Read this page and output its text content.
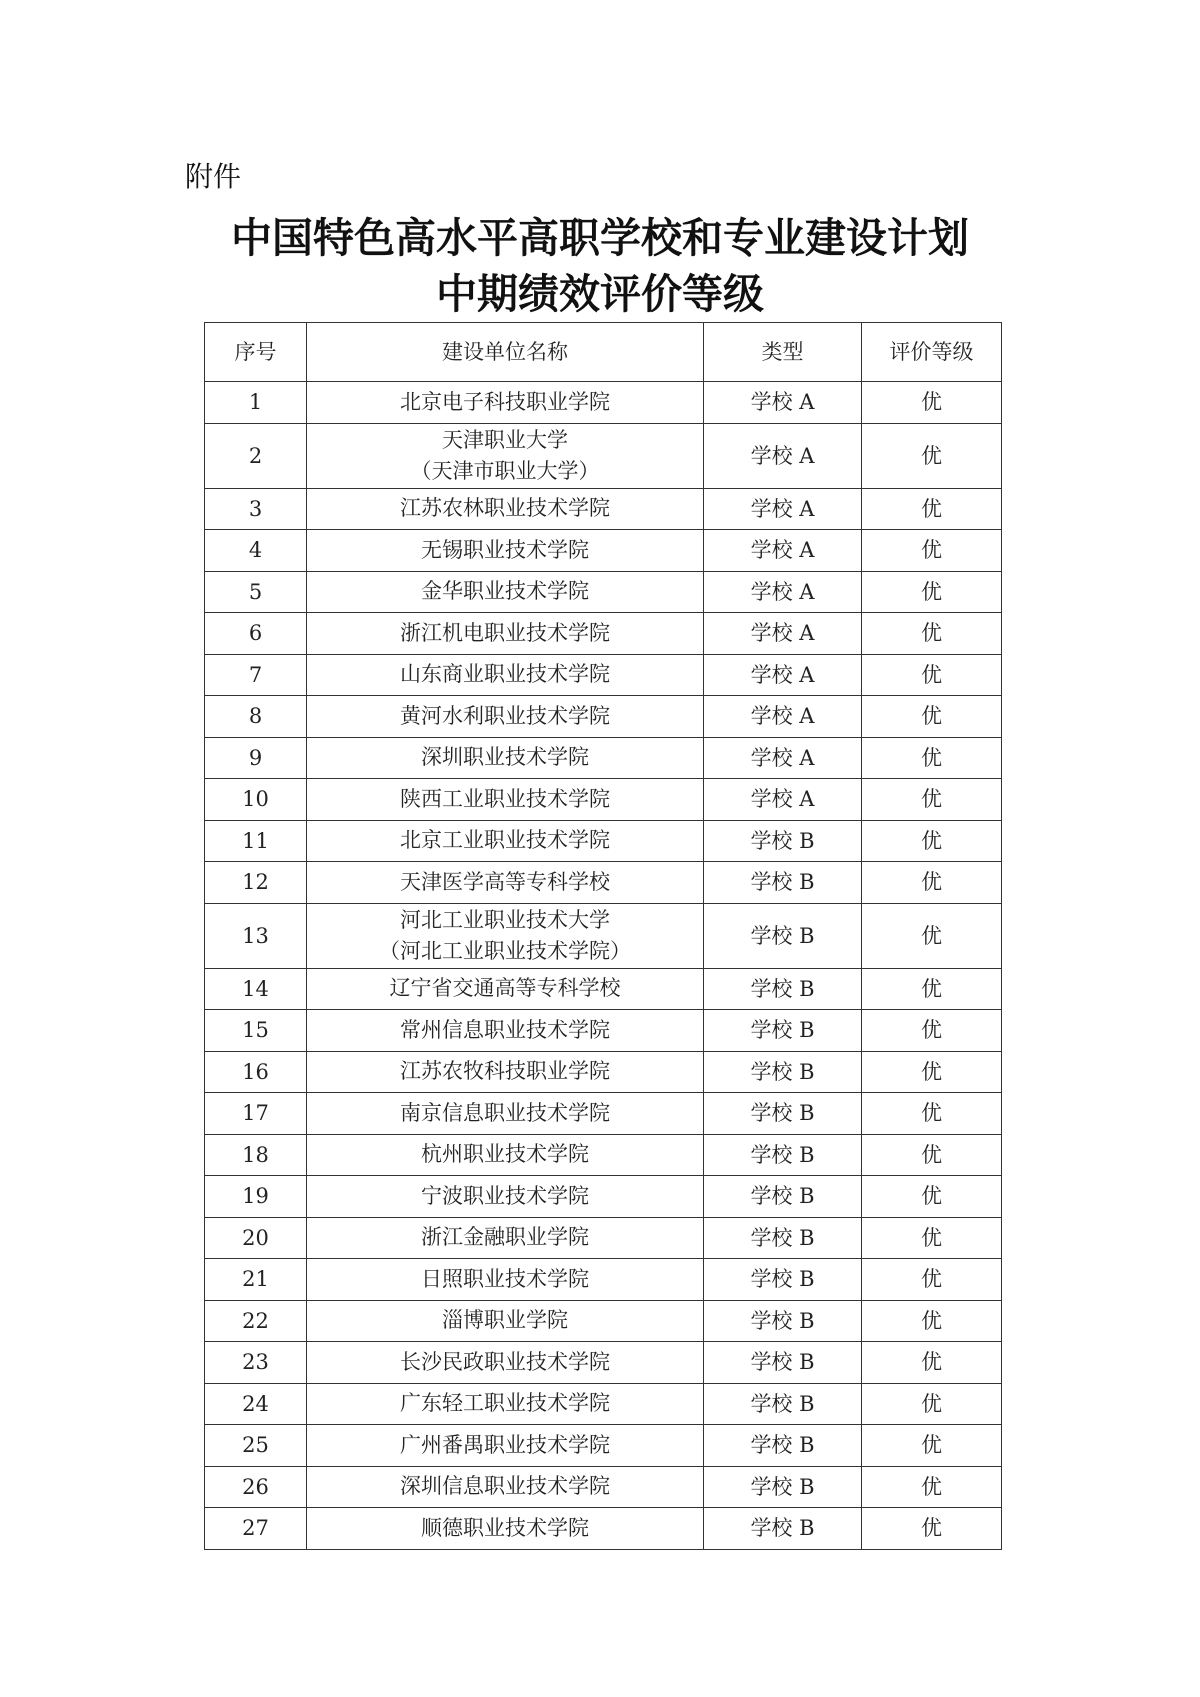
附件
中国特色高水平高职学校和专业建设计划
中期绩效评价等级
序号	建设单位名称	类型	评价等级
1	北京电子科技职业学院	学校 A	优
2	天津职业大学
（天津市职业大学）	学校 A	优
3	江苏农林职业技术学院	学校 A	优
4	无锡职业技术学院	学校 A	优
5	金华职业技术学院	学校 A	优
6	浙江机电职业技术学院	学校 A	优
7	山东商业职业技术学院	学校 A	优
8	黄河水利职业技术学院	学校 A	优
9	深圳职业技术学院	学校 A	优
10	陕西工业职业技术学院	学校 A	优
11	北京工业职业技术学院	学校 B	优
12	天津医学高等专科学校	学校 B	优
13	河北工业职业技术大学
（河北工业职业技术学院）	学校 B	优
14	辽宁省交通高等专科学校	学校 B	优
15	常州信息职业技术学院	学校 B	优
16	江苏农牧科技职业学院	学校 B	优
17	南京信息职业技术学院	学校 B	优
18	杭州职业技术学院	学校 B	优
19	宁波职业技术学院	学校 B	优
20	浙江金融职业学院	学校 B	优
21	日照职业技术学院	学校 B	优
22	淄博职业学院	学校 B	优
23	长沙民政职业技术学院	学校 B	优
24	广东轻工职业技术学院	学校 B	优
25	广州番禺职业技术学院	学校 B	优
26	深圳信息职业技术学院	学校 B	优
27	顺德职业技术学院	学校 B	优
